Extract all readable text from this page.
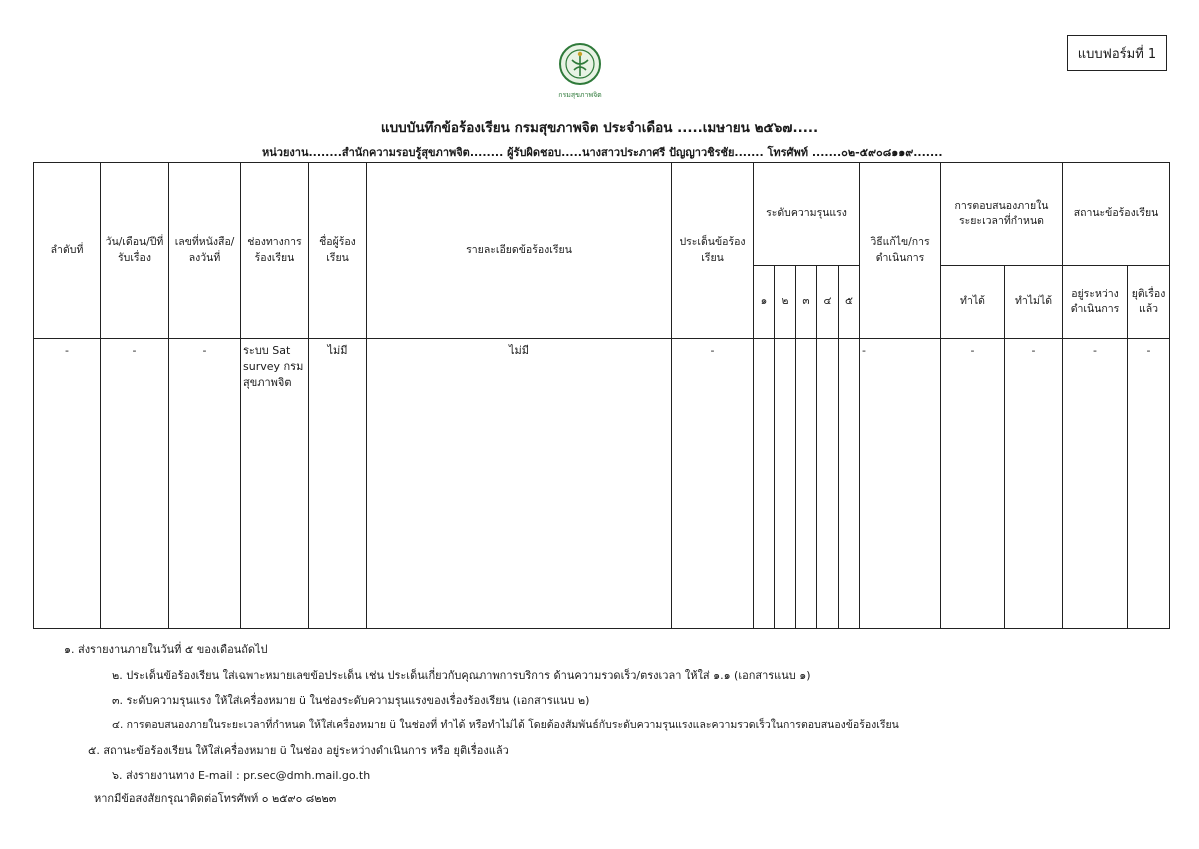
แบบฟอร์มที่ 1
กรมสุขภาพจิต
แบบบันทึกข้อร้องเรียน กรมสุขภาพจิต ประจำเดือน .....เมษายน ๒๕๖๗.....
หน่วยงาน........สำนักความรอบรู้สุขภาพจิต........ ผู้รับผิดชอบ.....นางสาวประภาศรี ปัญญาวชิรชัย....... โทรศัพท์ .......๐๒-๕๙๐๘๑๑๙.......
ลำดับที่	วัน/เดือน/ปีที่รับเรื่อง	เลขที่หนังสือ/ลงวันที่	ช่องทางการร้องเรียน	ชื่อผู้ร้องเรียน	รายละเอียดข้อร้องเรียน	ประเด็นข้อร้องเรียน	ระดับความรุนแรง					วิธีแก้ไข/การดำเนินการ	การตอบสนองภายในระยะเวลาที่กำหนด		สถานะข้อร้องเรียน	
							๑	๒	๓	๔	๕		ทำได้	ทำไม่ได้	อยู่ระหว่างดำเนินการ	ยุติเรื่องแล้ว
-	-	-	ระบบ Sat survey กรมสุขภาพจิต	ไม่มี	ไม่มี	-						-	-	-	-	-
๑. ส่งรายงานภายในวันที่ ๕ ของเดือนถัดไป
๒. ประเด็นข้อร้องเรียน ใส่เฉพาะหมายเลขข้อประเด็น เช่น ประเด็นเกี่ยวกับคุณภาพการบริการ ด้านความรวดเร็ว/ตรงเวลา ให้ใส่ ๑.๑ (เอกสารแนบ ๑)
๓. ระดับความรุนแรง ให้ใส่เครื่องหมาย ü ในช่องระดับความรุนแรงของเรื่องร้องเรียน (เอกสารแนบ ๒)
๔. การตอบสนองภายในระยะเวลาที่กำหนด ให้ใส่เครื่องหมาย ü ในช่องที่ ทำได้ หรือทำไม่ได้ โดยต้องสัมพันธ์กับระดับความรุนแรงและความรวดเร็วในการตอบสนองข้อร้องเรียน
๕. สถานะข้อร้องเรียน ให้ใส่เครื่องหมาย ü ในช่อง อยู่ระหว่างดำเนินการ หรือ ยุติเรื่องแล้ว
๖. ส่งรายงานทาง E-mail : pr.sec@dmh.mail.go.th
หากมีข้อสงสัยกรุณาติดต่อโทรศัพท์ ๐ ๒๕๙๐ ๘๒๒๓
